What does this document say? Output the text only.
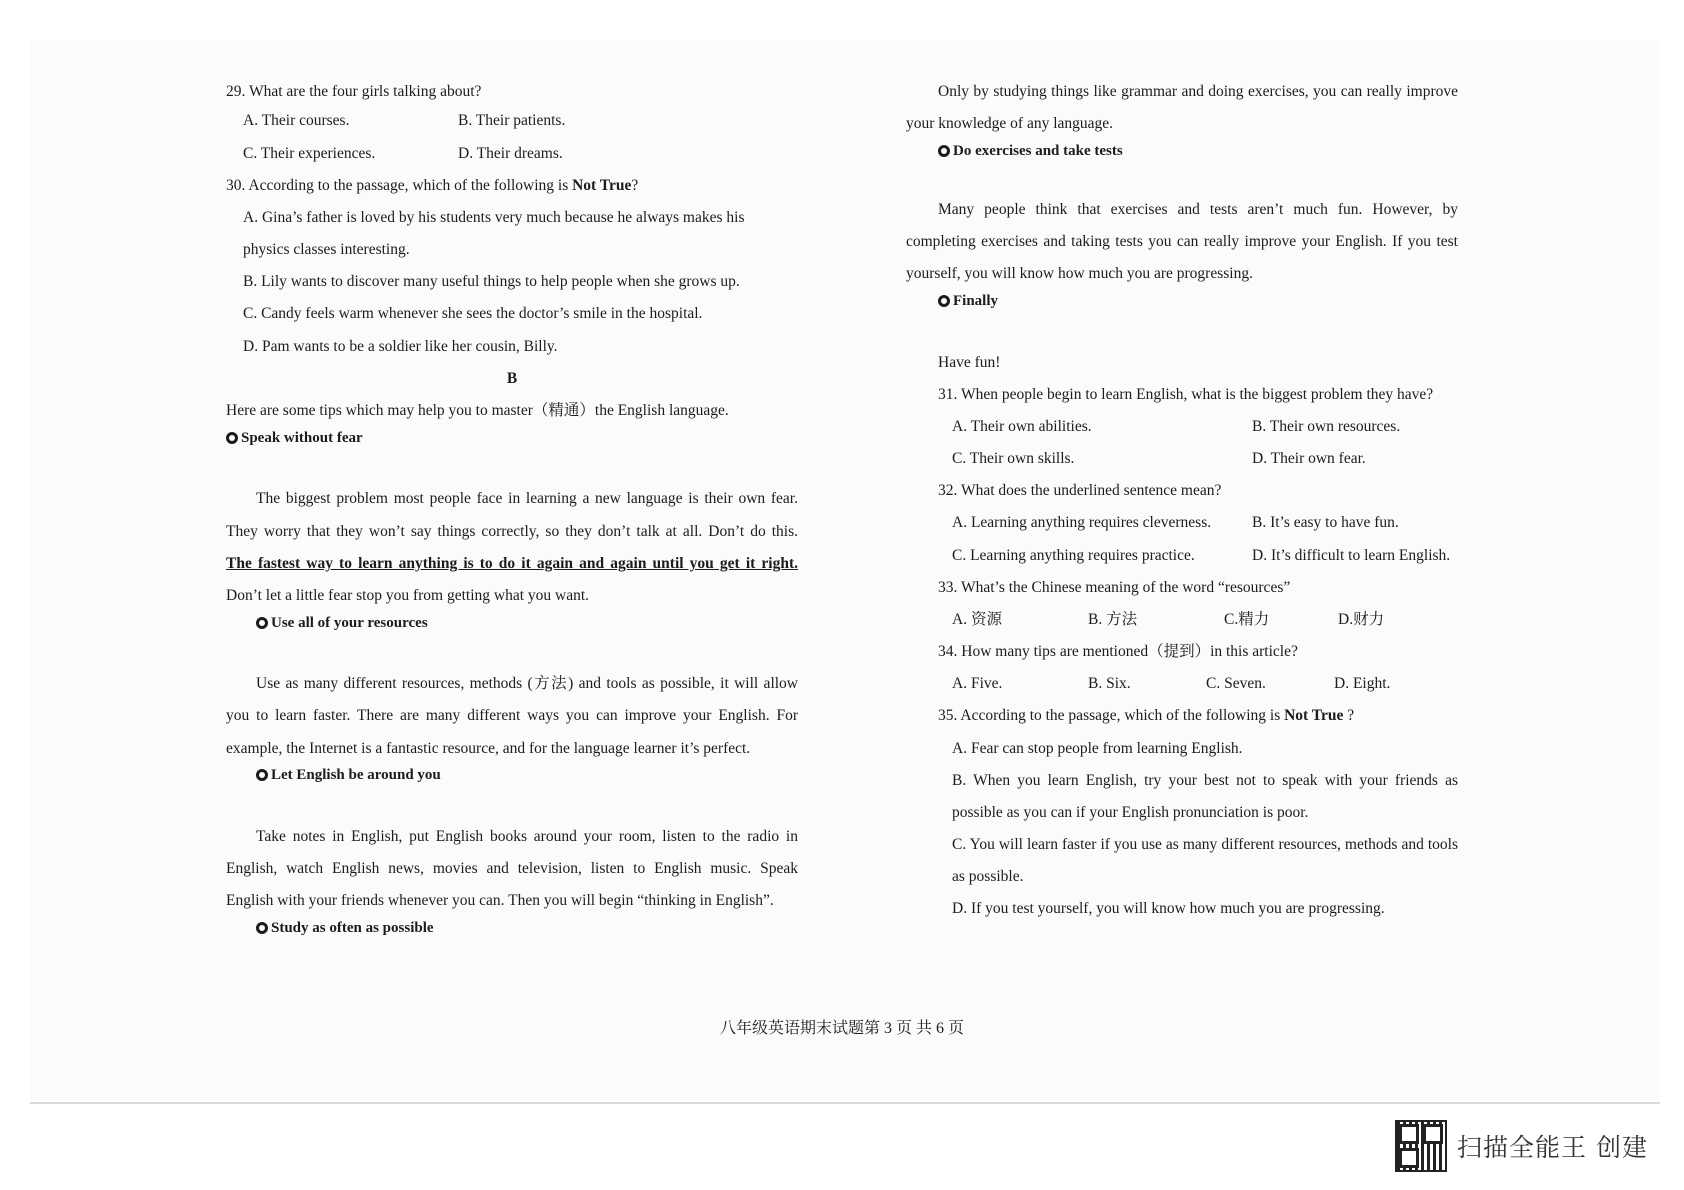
29. What are the four girls talking about?
A. Their courses.	B. Their patients.
C. Their experiences.	D. Their dreams.
30. According to the passage, which of the following is Not True?
A. Gina’s father is loved by his students very much because he always makes his
physics classes interesting.
B. Lily wants to discover many useful things to help people when she grows up.
C. Candy feels warm whenever she sees the doctor’s smile in the hospital.
D. Pam wants to be a soldier like her cousin, Billy.
B
Here are some tips which may help you to master（精通）the English language.
Speak without fear
The biggest problem most people face in learning a new language is their own fear.
They worry that they won’t say things correctly, so they don’t talk at all. Don’t do this.
The fastest way to learn anything is to do it again and again until you get it right.
Don’t let a little fear stop you from getting what you want.
Use all of your resources
Use as many different resources, methods (方法) and tools as possible, it will allow
you to learn faster. There are many different ways you can improve your English. For
example, the Internet is a fantastic resource, and for the language learner it’s perfect.
Let English be around you
Take notes in English, put English books around your room, listen to the radio in
English, watch English news, movies and television, listen to English music. Speak
English with your friends whenever you can. Then you will begin “thinking in English”.
Study as often as possible
Only by studying things like grammar and doing exercises, you can really improve
your knowledge of any language.
Do exercises and take tests
Many people think that exercises and tests aren’t much fun. However, by
completing exercises and taking tests you can really improve your English. If you test
yourself, you will know how much you are progressing.
Finally
Have fun!
31. When people begin to learn English, what is the biggest problem they have?
A. Their own abilities.	B. Their own resources.
C. Their own skills.	D. Their own fear.
32. What does the underlined sentence mean?
A. Learning anything requires cleverness.	B. It’s easy to have fun.
C. Learning anything requires practice.	D. It’s difficult to learn English.
33. What’s the Chinese meaning of the word “resources”
A. 资源	B. 方法	C.精力	D.财力
34. How many tips are mentioned（提到）in this article?
A. Five.	B. Six.	C. Seven.	D. Eight.
35. According to the passage, which of the following is Not True ?
A. Fear can stop people from learning English.
B. When you learn English, try your best not to speak with your friends as
possible as you can if your English pronunciation is poor.
C. You will learn faster if you use as many different resources, methods and tools
as possible.
D. If you test yourself, you will know how much you are progressing.
八年级英语期末试题第 3 页 共 6 页
扫描全能王 创建
